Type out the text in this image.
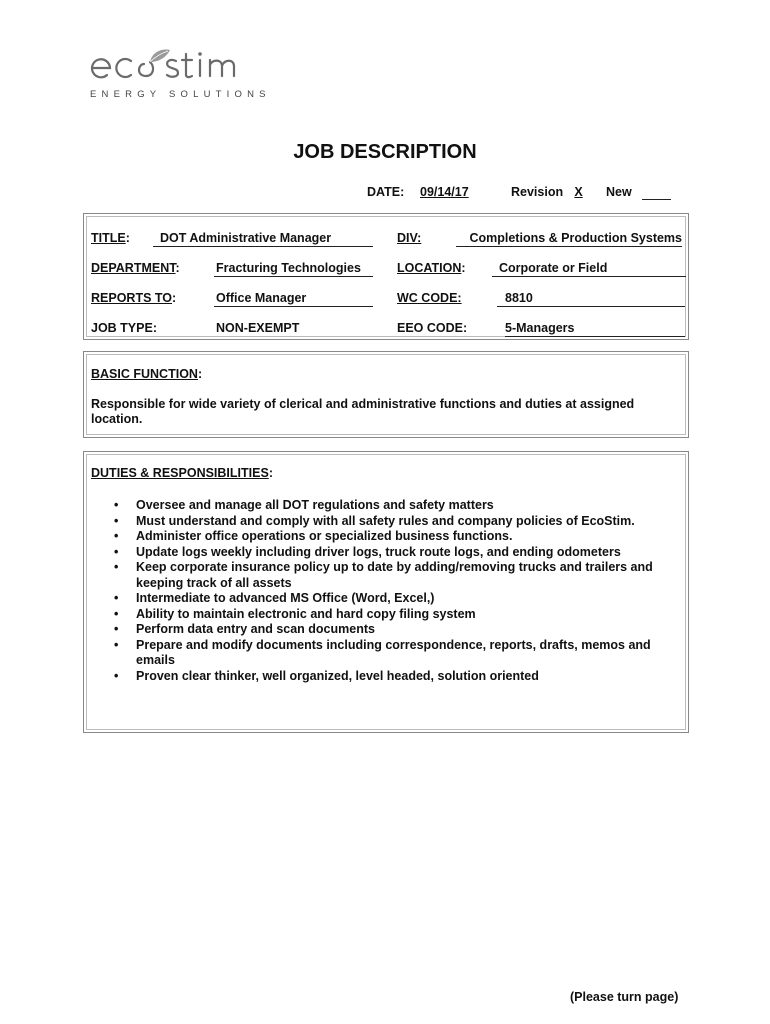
ENERGY SOLUTIONS
JOB DESCRIPTION
DATE: 09/14/17	Revision X	New
TITLE:	DOT Administrative Manager	DIV:	Completions & Production Systems
DEPARTMENT:	Fracturing Technologies	LOCATION:	Corporate or Field
REPORTS TO:	Office Manager	WC CODE:	8810
JOB TYPE:	NON-EXEMPT	EEO CODE:	5-Managers
BASIC FUNCTION:
Responsible for wide variety of clerical and administrative functions and duties at assigned
location.
DUTIES & RESPONSIBILITIES:
• Oversee and manage all DOT regulations and safety matters
• Must understand and comply with all safety rules and company policies of EcoStim.
• Administer office operations or specialized business functions.
• Update logs weekly including driver logs, truck route logs, and ending odometers
• Keep corporate insurance policy up to date by adding/removing trucks and trailers and
keeping track of all assets
• Intermediate to advanced MS Office (Word, Excel,)
• Ability to maintain electronic and hard copy filing system
• Perform data entry and scan documents
• Prepare and modify documents including correspondence, reports, drafts, memos and
emails
• Proven clear thinker, well organized, level headed, solution oriented
(Please turn page)
